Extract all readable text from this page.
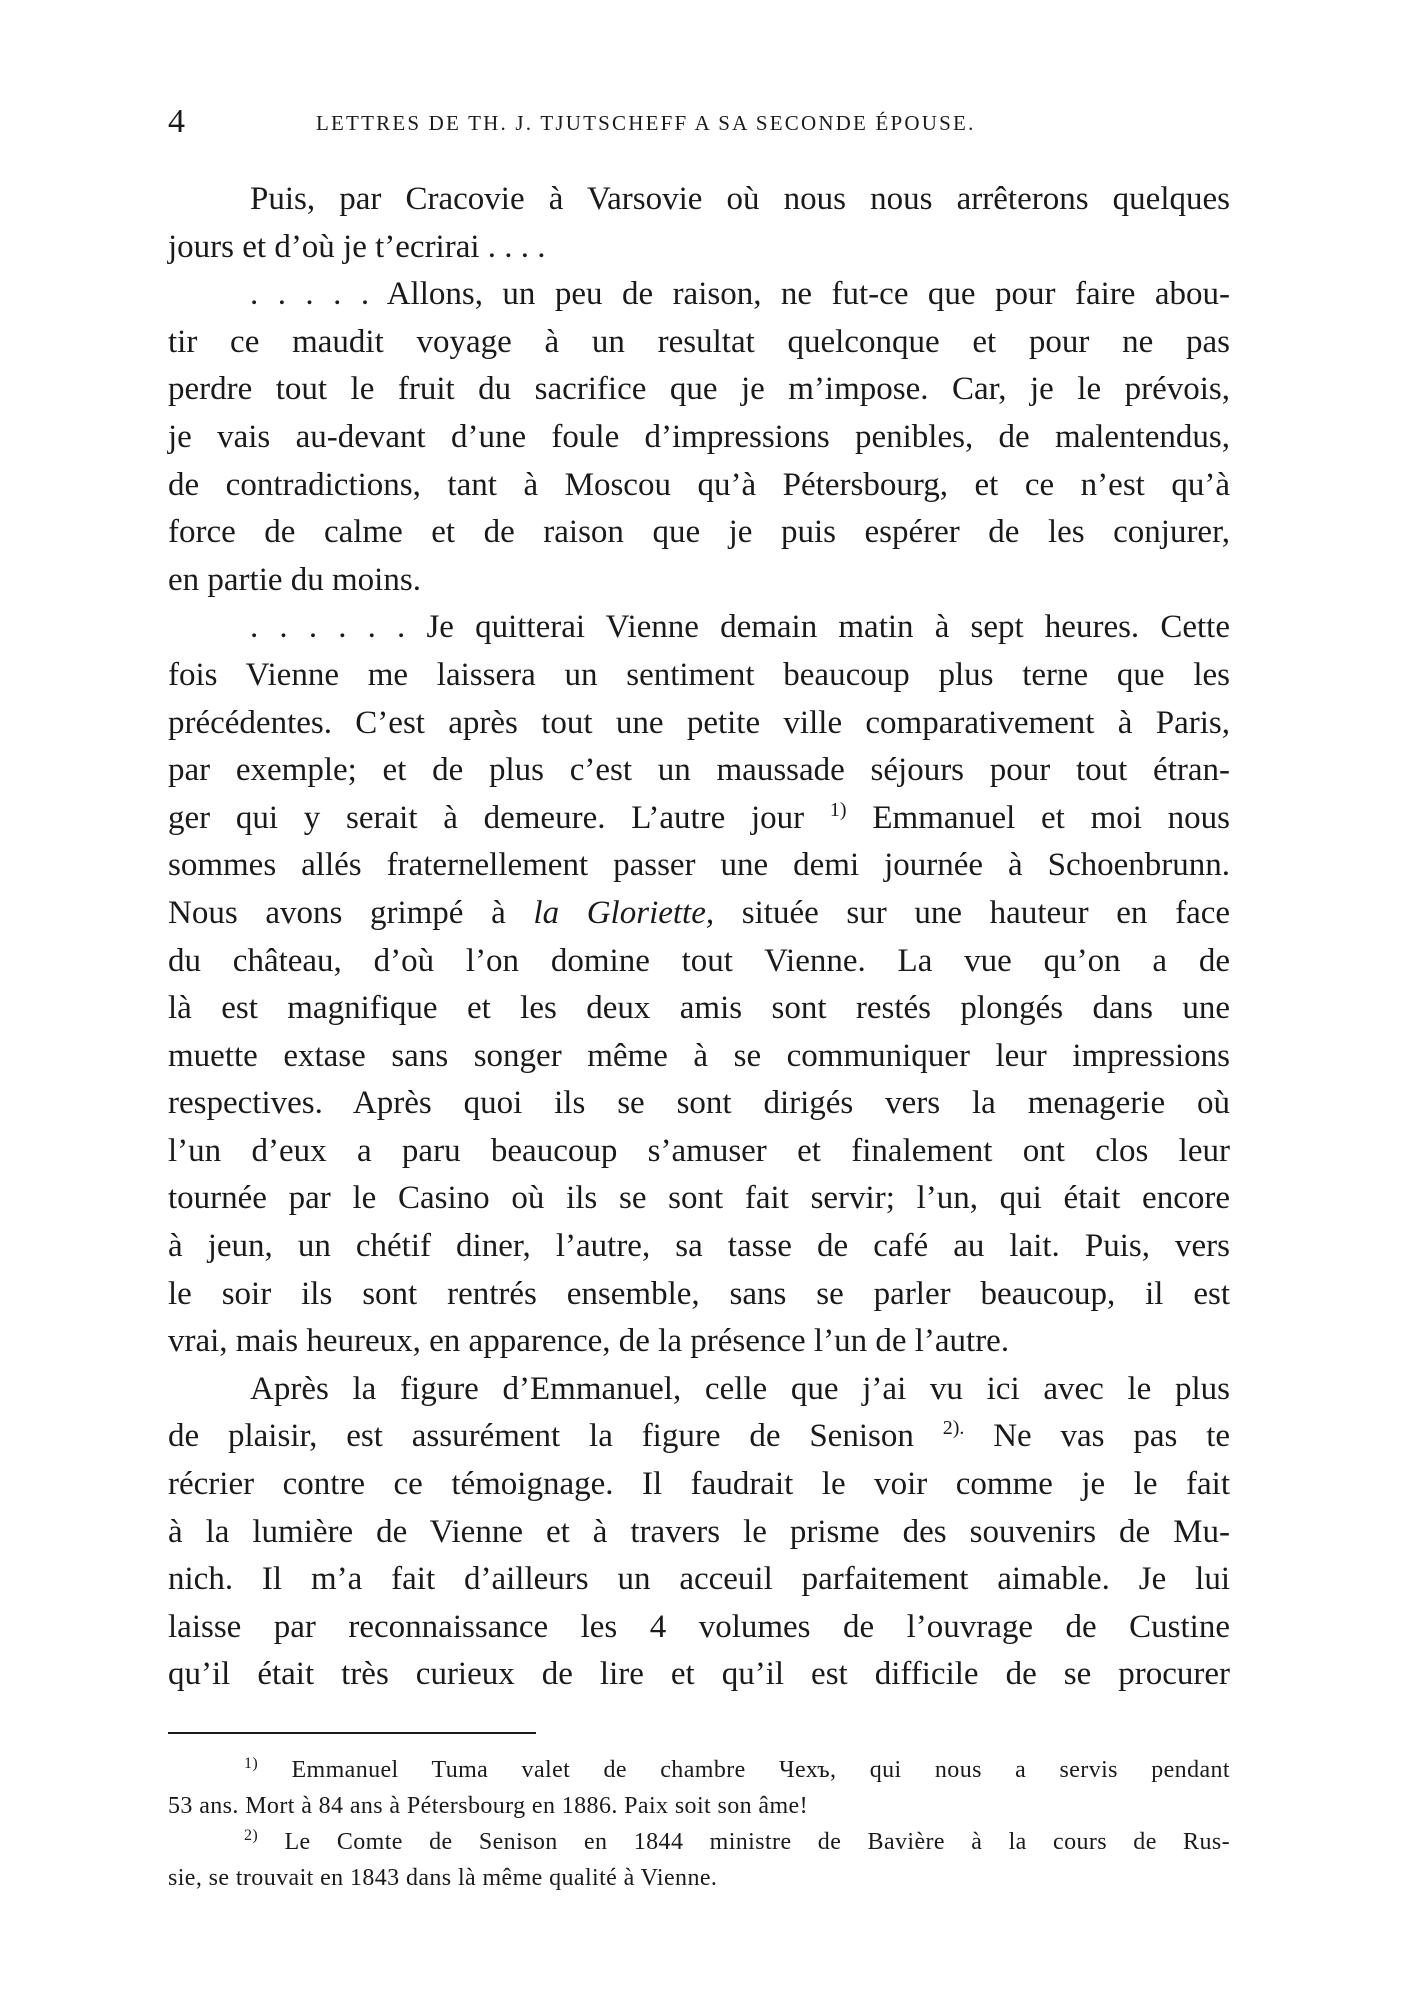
4	LETTRES DE TH. J. TJUTSCHEFF A SA SECONDE ÉPOUSE.
Puis, par Cracovie à Varsovie où nous nous arrêterons quelques
jours et d’où je t’ecrirai . . . .
. . . . . Allons, un peu de raison, ne fut-ce que pour faire abou-
tir ce maudit voyage à un resultat quelconque et pour ne pas
perdre tout le fruit du sacrifice que je m’impose. Car, je le prévois,
je vais au-devant d’une foule d’impressions penibles, de malentendus,
de contradictions, tant à Moscou qu’à Pétersbourg, et ce n’est qu’à
force de calme et de raison que je puis espérer de les conjurer,
en partie du moins.
. . . . . . Je quitterai Vienne demain matin à sept heures. Cette
fois Vienne me laissera un sentiment beaucoup plus terne que les
précédentes. C’est après tout une petite ville comparativement à Paris,
par exemple; et de plus c’est un maussade séjours pour tout étran-
ger qui y serait à demeure. L’autre jour $^{1)}$ Emmanuel et moi nous
sommes allés fraternellement passer une demi journée à Schoenbrunn.
Nous avons grimpé à la Gloriette, située sur une hauteur en face
du château, d’où l’on domine tout Vienne. La vue qu’on a de
là est magnifique et les deux amis sont restés plongés dans une
muette extase sans songer même à se communiquer leur impressions
respectives. Après quoi ils se sont dirigés vers la menagerie où
l’un d’eux a paru beaucoup s’amuser et finalement ont clos leur
tournée par le Casino où ils se sont fait servir; l’un, qui était encore
à jeun, un chétif diner, l’autre, sa tasse de café au lait. Puis, vers
le soir ils sont rentrés ensemble, sans se parler beaucoup, il est
vrai, mais heureux, en apparence, de la présence l’un de l’autre.
Après la figure d’Emmanuel, celle que j’ai vu ici avec le plus
de plaisir, est assurément la figure de Senison $^{2).}$ Ne vas pas te
récrier contre ce témoignage. Il faudrait le voir comme je le fait
à la lumière de Vienne et à travers le prisme des souvenirs de Mu-
nich. Il m’a fait d’ailleurs un acceuil parfaitement aimable. Je lui
laisse par reconnaissance les 4 volumes de l’ouvrage de Custine
qu’il était très curieux de lire et qu’il est difficile de se procurer
$^{1)}$ Emmanuel Tuma valet de chambre Чехъ, qui nous a servis pendant
53 ans. Mort à 84 ans à Pétersbourg en 1886. Paix soit son âme!
$^{2)}$ Le Comte de Senison en 1844 ministre de Bavière à la cours de Rus-
sie, se trouvait en 1843 dans là même qualité à Vienne.
